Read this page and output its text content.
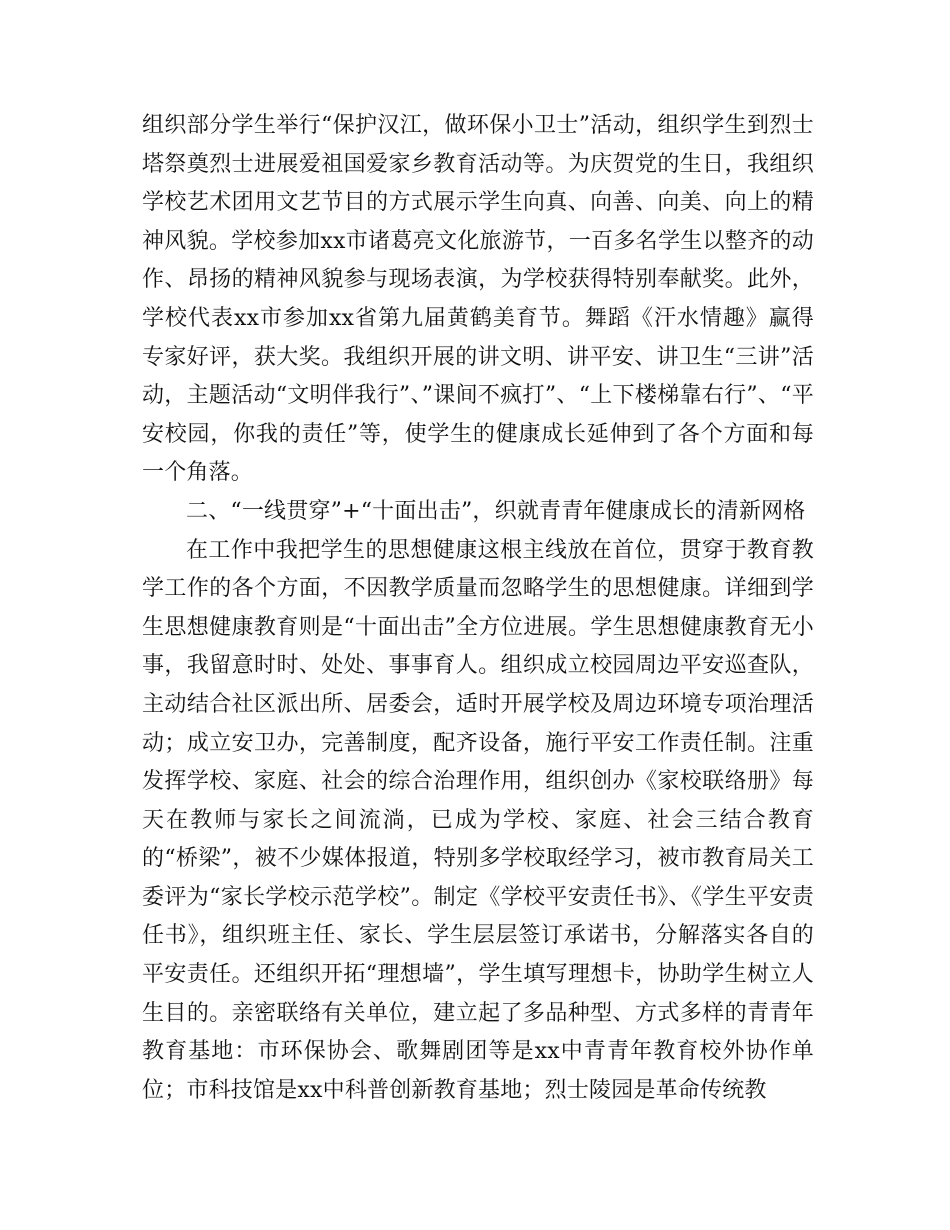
组织部分学生举行“保护汉江，做环保小卫士”活动，组织学生到烈士塔祭奠烈士进展爱祖国爱家乡教育活动等。为庆贺党的生日，我组织学校艺术团用文艺节目的方式展示学生向真、向善、向美、向上的精神风貌。学校参加xx市诸葛亮文化旅游节，一百多名学生以整齐的动作、昂扬的精神风貌参与现场表演，为学校获得特别奉献奖。此外，学校代表xx市参加xx省第九届黄鹤美育节。舞蹈《汗水情趣》赢得专家好评，获大奖。我组织开展的讲文明、讲平安、讲卫生“三讲”活动，主题活动“文明伴我行”、”课间不疯打”、“上下楼梯靠右行”、“平安校园，你我的责任”等，使学生的健康成长延伸到了各个方面和每一个角落。

二、“一线贯穿”+“十面出击”，织就青青年健康成长的清新网格

在工作中我把学生的思想健康这根主线放在首位，贯穿于教育教学工作的各个方面，不因教学质量而忽略学生的思想健康。详细到学生思想健康教育则是“十面出击”全方位进展。学生思想健康教育无小事，我留意时时、处处、事事育人。组织成立校园周边平安巡查队，主动结合社区派出所、居委会，适时开展学校及周边环境专项治理活动；成立安卫办，完善制度，配齐设备，施行平安工作责任制。注重发挥学校、家庭、社会的综合治理作用，组织创办《家校联络册》每天在教师与家长之间流淌，已成为学校、家庭、社会三结合教育的“桥梁”，被不少媒体报道，特别多学校取经学习，被市教育局关工委评为“家长学校示范学校”。制定《学校平安责任书》、《学生平安责任书》，组织班主任、家长、学生层层签订承诺书，分解落实各自的平安责任。还组织开拓“理想墙”，学生填写理想卡，协助学生树立人生目的。亲密联络有关单位，建立起了多品种型、方式多样的青青年教育基地：市环保协会、歌舞剧团等是xx中青青年教育校外协作单位；市科技馆是xx中科普创新教育基地；烈士陵园是革命传统教
